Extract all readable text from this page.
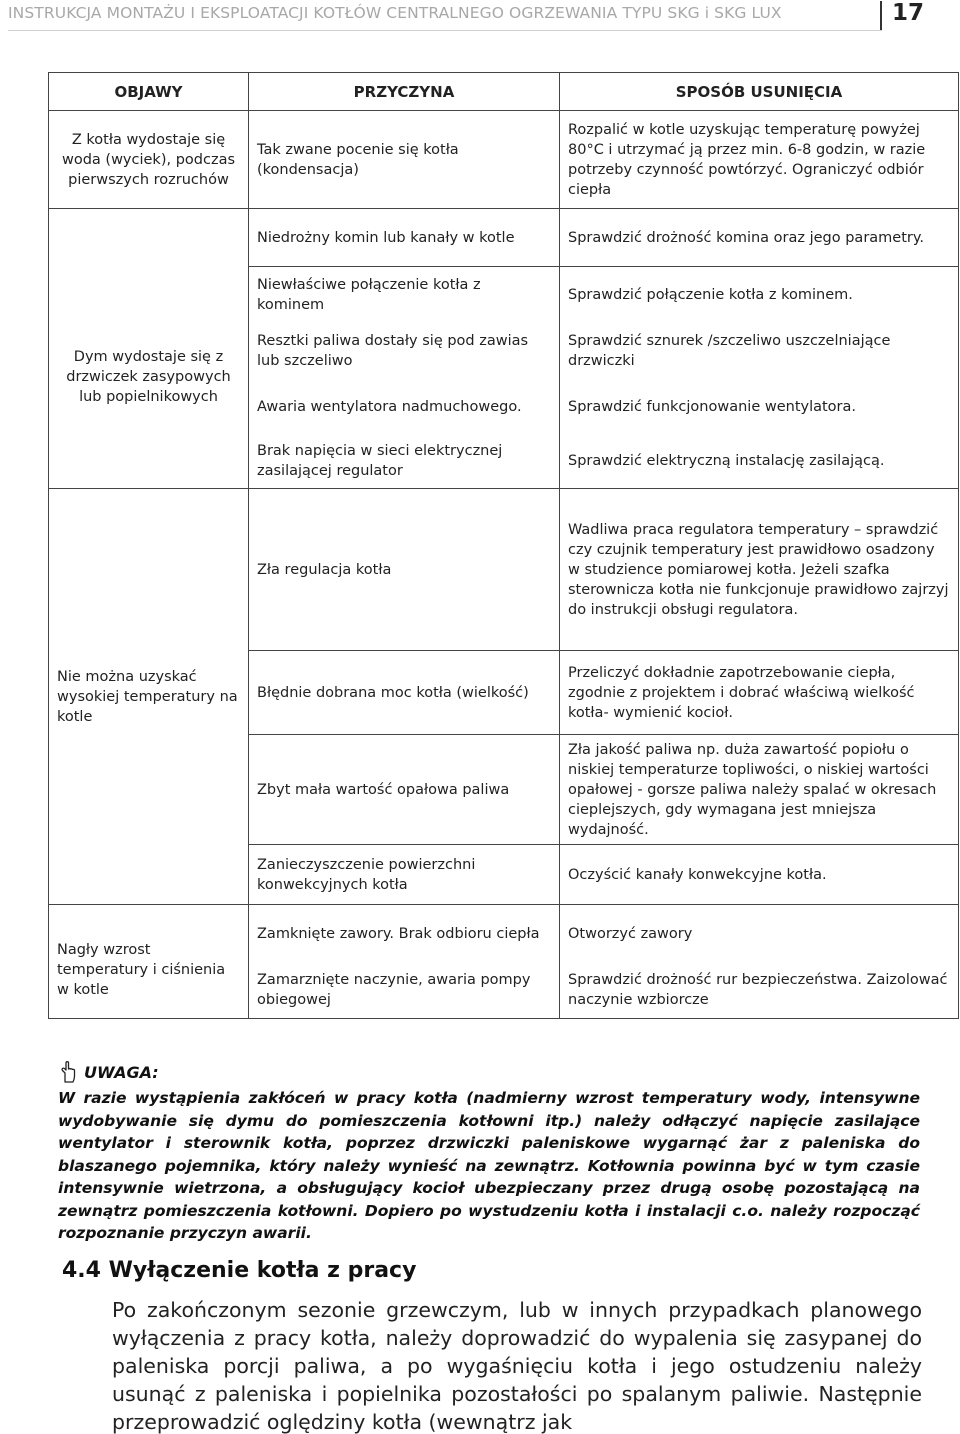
INSTRUKCJA MONTAŻU I EKSPLOATACJI KOTŁÓW CENTRALNEGO OGRZEWANIA TYPU SKG i SKG LUX	17
OBJAWY	PRZYCZYNA	SPOSÓB USUNIĘCIA
Z kotła wydostaje się woda (wyciek), podczas pierwszych rozruchów	Tak zwane pocenie się kotła (kondensacja)	Rozpalić w kotle uzyskując temperaturę powyżej 80°C i utrzymać ją przez min. 6-8 godzin, w razie potrzeby czynność powtórzyć. Ograniczyć odbiór ciepła
	Niedrożny komin lub kanały w kotle	Sprawdzić drożność komina oraz jego parametry.
Dym wydostaje się z drzwiczek zasypowych lub popielnikowych	Niewłaściwe połączenie kotła z kominem	Sprawdzić połączenie kotła z kominem.
	Resztki paliwa dostały się pod zawias lub szczeliwo	Sprawdzić sznurek /szczeliwo uszczelniające drzwiczki
	Awaria wentylatora nadmuchowego.	Sprawdzić funkcjonowanie wentylatora.
	Brak napięcia w sieci elektrycznej zasilającej regulator	Sprawdzić elektryczną instalację zasilającą.
	Zła regulacja kotła	Wadliwa praca regulatora temperatury – sprawdzić czy czujnik temperatury jest prawidłowo osadzony w studzience pomiarowej kotła. Jeżeli szafka sterownicza kotła nie funkcjonuje prawidłowo zajrzyj do instrukcji obsługi regulatora.
Nie można uzyskać wysokiej temperatury na kotle	Błędnie dobrana moc kotła (wielkość)	Przeliczyć dokładnie zapotrzebowanie ciepła, zgodnie z projektem i dobrać właściwą wielkość kotła- wymienić kocioł.
	Zbyt mała wartość opałowa paliwa	Zła jakość paliwa np. duża zawartość popiołu o niskiej temperaturze topliwości, o niskiej wartości opałowej - gorsze paliwa należy spalać w okresach cieplejszych, gdy wymagana jest mniejsza wydajność.
	Zanieczyszczenie powierzchni konwekcyjnych kotła	Oczyścić kanały konwekcyjne kotła.
Nagły wzrost temperatury i ciśnienia w kotle	Zamknięte zawory. Brak odbioru ciepła	Otworzyć zawory
	Zamarznięte naczynie, awaria pompy obiegowej	Sprawdzić drożność rur bezpieczeństwa. Zaizolować naczynie wzbiorcze
UWAGA:

W razie wystąpienia zakłóceń w pracy kotła (nadmierny wzrost temperatury wody, intensywne wydobywanie się dymu do pomieszczenia kotłowni itp.) należy odłączyć napięcie zasilające wentylator i sterownik kotła, poprzez drzwiczki paleniskowe wygarnąć żar z paleniska do blaszanego pojemnika, który należy wynieść na zewnątrz. Kotłownia powinna być w tym czasie intensywnie wietrzona, a obsługujący kocioł ubezpieczany przez drugą osobę pozostającą na zewnątrz pomieszczenia kotłowni. Dopiero po wystudzeniu kotła i instalacji c.o. należy rozpocząć rozpoznanie przyczyn awarii.

4.4 Wyłączenie kotła z pracy

Po zakończonym sezonie grzewczym, lub w innych przypadkach planowego wyłączenia z pracy kotła, należy doprowadzić do wypalenia się zasypanej do paleniska porcji paliwa, a po wygaśnięciu kotła i jego ostudzeniu należy usunąć z paleniska i popielnika pozostałości po spalanym paliwie. Następnie przeprowadzić oględziny kotła (wewnątrz jak
